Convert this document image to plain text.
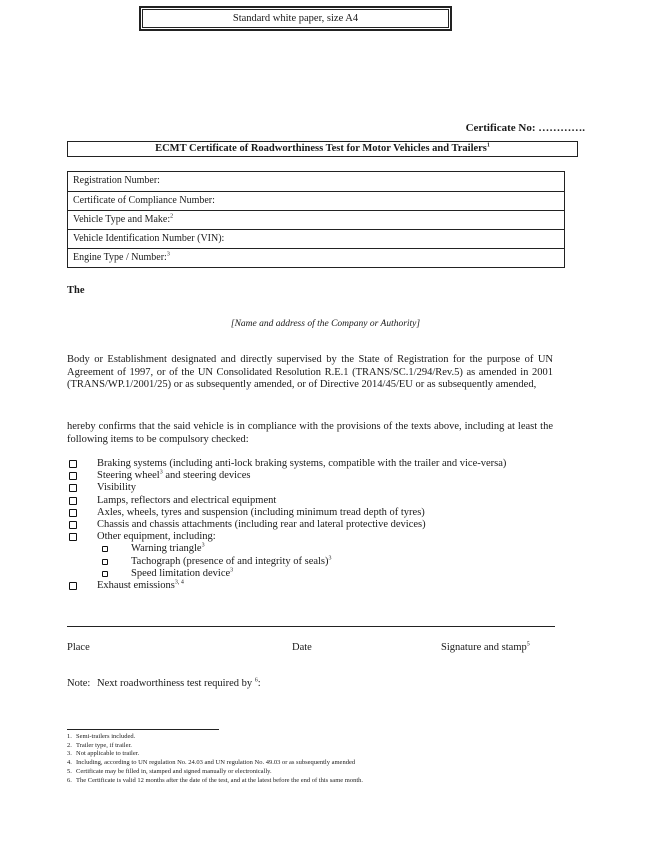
Standard white paper, size A4
Certificate No: ………….
ECMT Certificate of Roadworthiness Test for Motor Vehicles and Trailers$^1$
Registration Number:
Certificate of Compliance Number:
Vehicle Type and Make:$^2$
Vehicle Identification Number (VIN):
Engine Type / Number:$^3$
The
[Name and address of the Company or Authority]
Body or Establishment designated and directly supervised by the State of Registration for the purpose of UN Agreement of 1997, or of the UN Consolidated Resolution R.E.1 (TRANS/SC.1/294/Rev.5) as amended in 2001 (TRANS/WP.1/2001/25) or as subsequently amended, or of Directive 2014/45/EU or as subsequently amended,
hereby confirms that the said vehicle is in compliance with the provisions of the texts above, including at least the following items to be compulsory checked:
Braking systems (including anti-lock braking systems, compatible with the trailer and vice-versa)
Steering wheel$^3$ and steering devices
Visibility
Lamps, reflectors and electrical equipment
Axles, wheels, tyres and suspension (including minimum tread depth of tyres)
Chassis and chassis attachments (including rear and lateral protective devices)
Other equipment, including:
Warning triangle$^3$
Tachograph (presence of and integrity of seals)$^3$
Speed limitation device$^3$
Exhaust emissions$^{3, 4}$
Place	Date	Signature and stamp$^5$
Note: Next roadworthiness test required by $^6$:
1. Semi-trailers included.
2. Trailer type, if trailer.
3. Not applicable to trailer.
4. Including, according to UN regulation No. 24.03 and UN regulation No. 49.03 or as subsequently amended
5. Certificate may be filled in, stamped and signed manually or electronically.
6. The Certificate is valid 12 months after the date of the test, and at the latest before the end of this same month.
